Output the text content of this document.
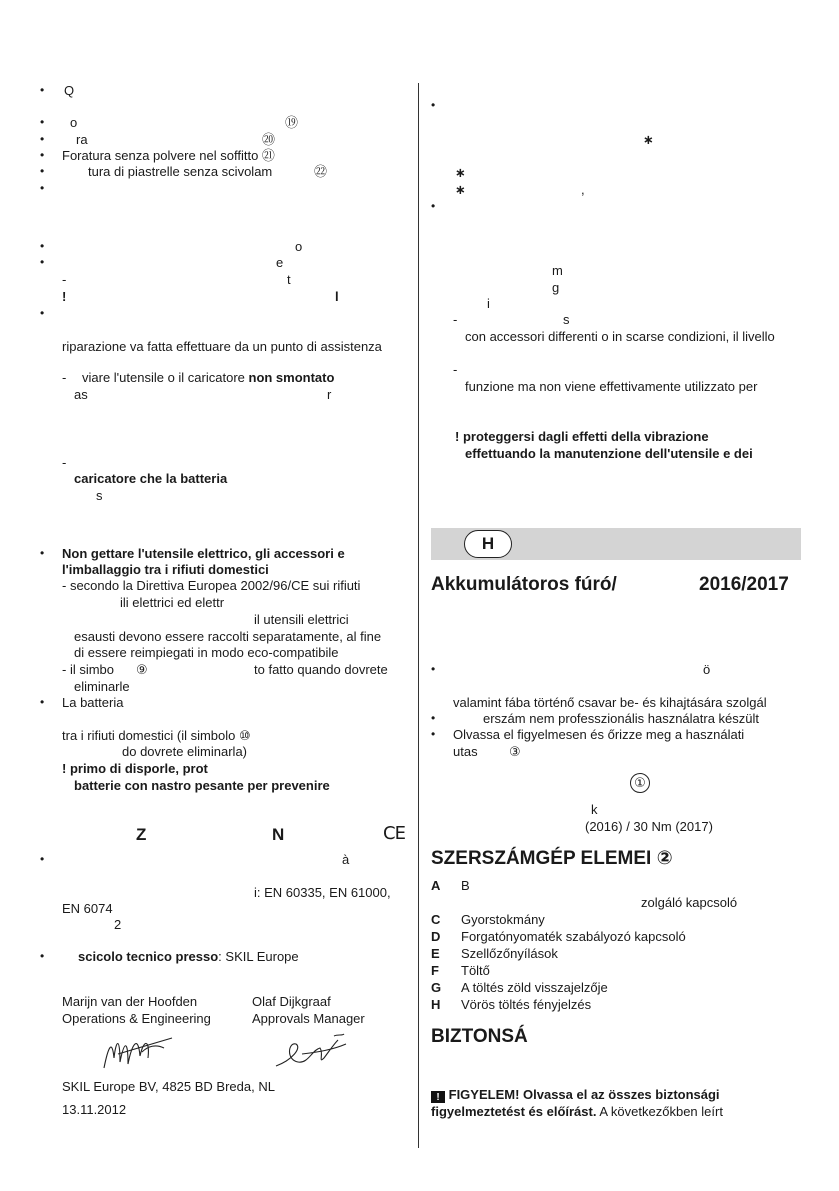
Z	N	CE
• Q
• o	⑲
• ra	⑳
• Foratura senza polvere nel soffitto ㉑
•	tura di piastrelle senza scivolam	㉒
•
•	o
•	e
-	t
!	l
•
riparazione va fatta effettuare da un punto di assistenza
- viare l'utensile o il caricatore non smontato
as	r
-
caricatore che la batteria
s
• Non gettare l'utensile elettrico, gli accessori e
l'imballaggio tra i rifiuti domestici
- secondo la Direttiva Europea 2002/96/CE sui rifiuti
ili elettrici ed elettr
il utensili elettrici
esausti devono essere raccolti separatamente, al fine
di essere reimpiegati in modo eco-compatibile
- il simbo ⑨	to fatto quando dovrete
eliminarle
• La batteria
tra i rifiuti domestici (il simbolo ⑩
do dovrete eliminarla)
! primo di disporle, prot
batterie con nastro pesante per prevenire
•	à
i: EN 60335, EN 61000,
EN 6074
2
•	scicolo tecnico presso: SKIL Europe
Marijn van der Hoofden	Olaf Dijkgraaf
Operations & Engineering	Approvals Manager
SKIL Europe BV, 4825 BD Breda, NL
13.11.2012
•
∗
∗
∗	,
•
m
g
i
-	s
con accessori differenti o in scarse condizioni, il livello
-
funzione ma non viene effettivamente utilizzato per
! proteggersi dagli effetti della vibrazione
effettuando la manutenzione dell'utensile e dei
•	ö
valamint fába történő csavar be- és kihajtására szolgál
•	erszám nem professzionális használatra készült
• Olvassa el figyelmesen és őrizze meg a használati
utas ③
k
(2016) / 30 Nm (2017)
H
Akkumulátoros fúró/	2016/2017
①
SZERSZÁMGÉP ELEMEI ②
A B
zolgáló kapcsoló
C Gyorstokmány
D Forgatónyomaték szabályozó kapcsoló
E Szellőzőnyílások
F Töltő
G A töltés zöld visszajelzője
H Vörös töltés fényjelzés
BIZTONSÁ
! FIGYELEM! Olvassa el az összes biztonsági
figyelmeztetést és előírást. A következőkben leírt
